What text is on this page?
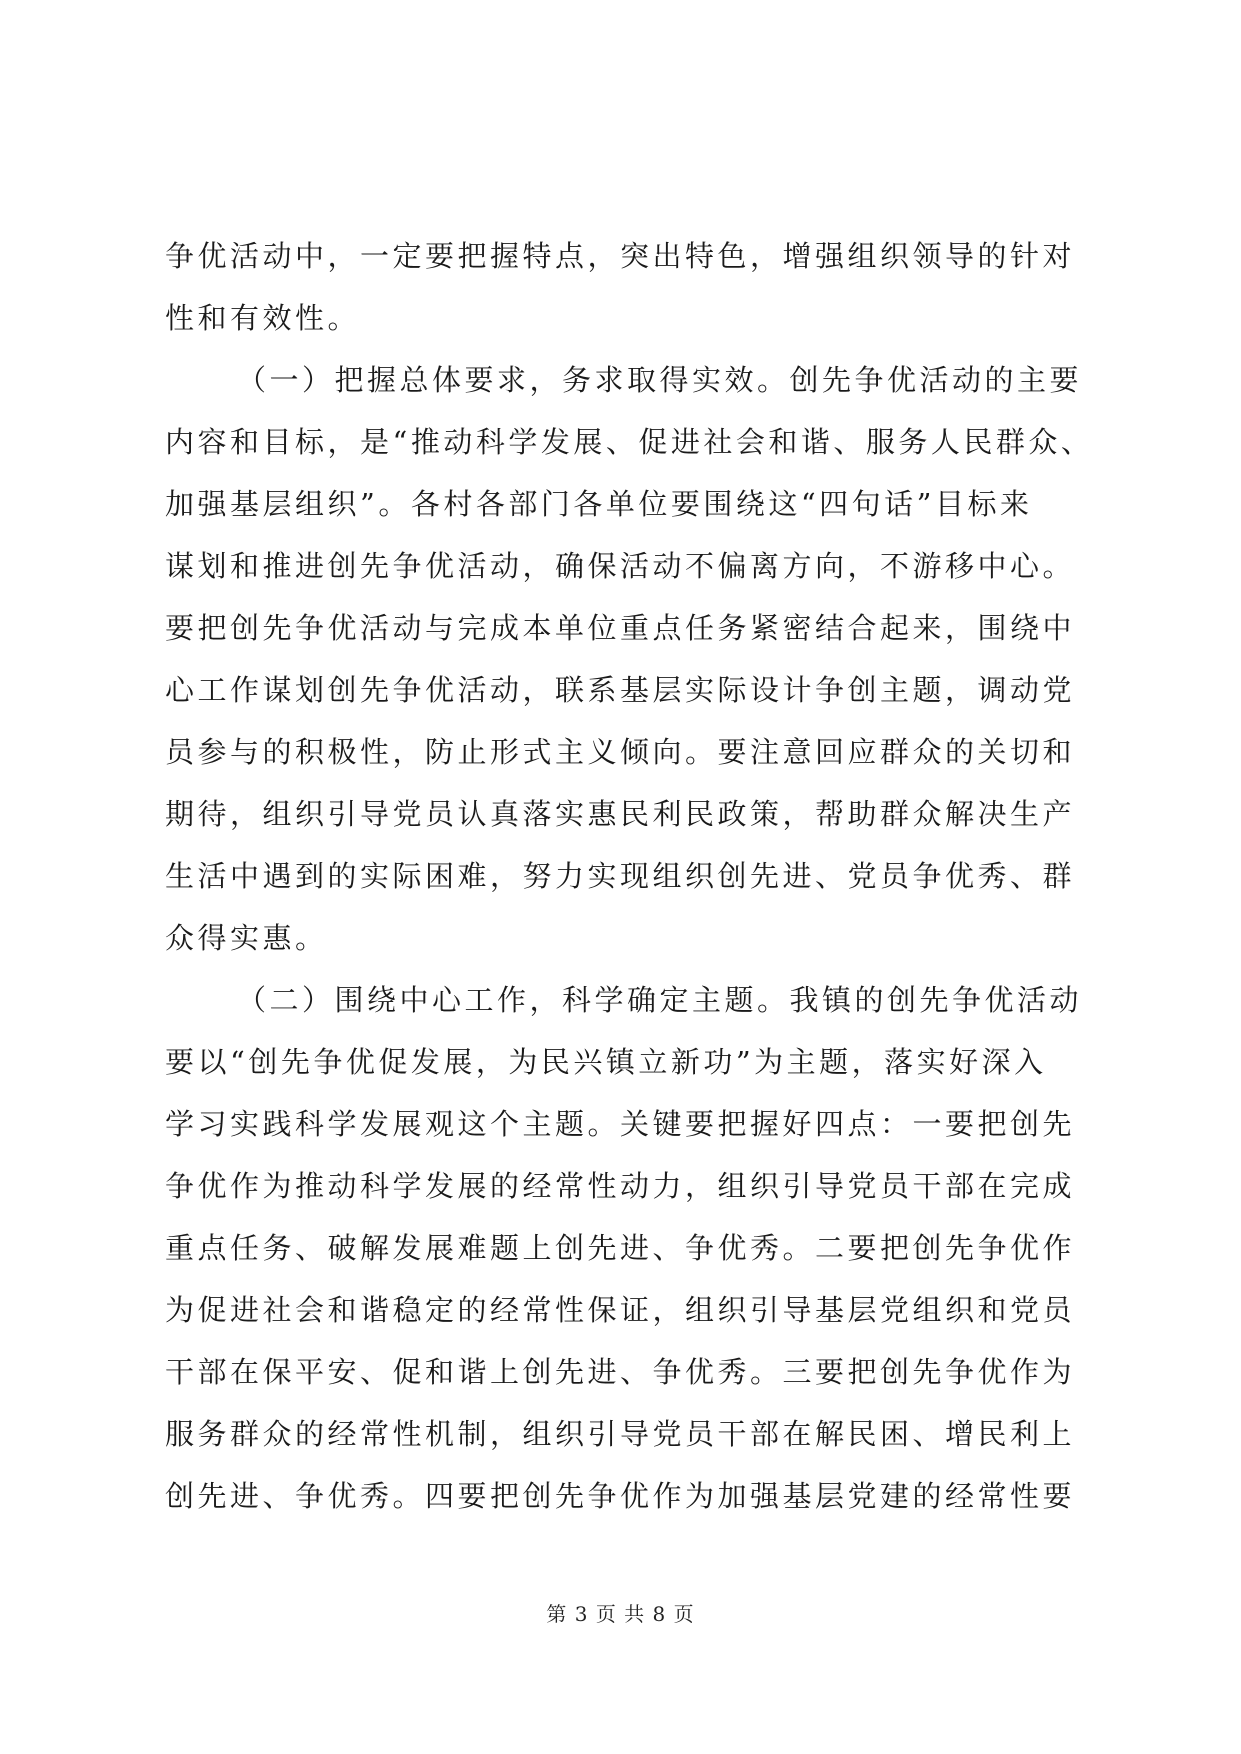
争优活动中，一定要把握特点，突出特色，增强组织领导的针对
性和有效性。
（一）把握总体要求，务求取得实效。创先争优活动的主要
内容和目标，是“推动科学发展、促进社会和谐、服务人民群众、
加强基层组织”。各村各部门各单位要围绕这“四句话”目标来
谋划和推进创先争优活动，确保活动不偏离方向，不游移中心。
要把创先争优活动与完成本单位重点任务紧密结合起来，围绕中
心工作谋划创先争优活动，联系基层实际设计争创主题，调动党
员参与的积极性，防止形式主义倾向。要注意回应群众的关切和
期待，组织引导党员认真落实惠民利民政策，帮助群众解决生产
生活中遇到的实际困难，努力实现组织创先进、党员争优秀、群
众得实惠。
（二）围绕中心工作，科学确定主题。我镇的创先争优活动
要以“创先争优促发展，为民兴镇立新功”为主题，落实好深入
学习实践科学发展观这个主题。关键要把握好四点：一要把创先
争优作为推动科学发展的经常性动力，组织引导党员干部在完成
重点任务、破解发展难题上创先进、争优秀。二要把创先争优作
为促进社会和谐稳定的经常性保证，组织引导基层党组织和党员
干部在保平安、促和谐上创先进、争优秀。三要把创先争优作为
服务群众的经常性机制，组织引导党员干部在解民困、增民利上
创先进、争优秀。四要把创先争优作为加强基层党建的经常性要
第 3 页 共 8 页
